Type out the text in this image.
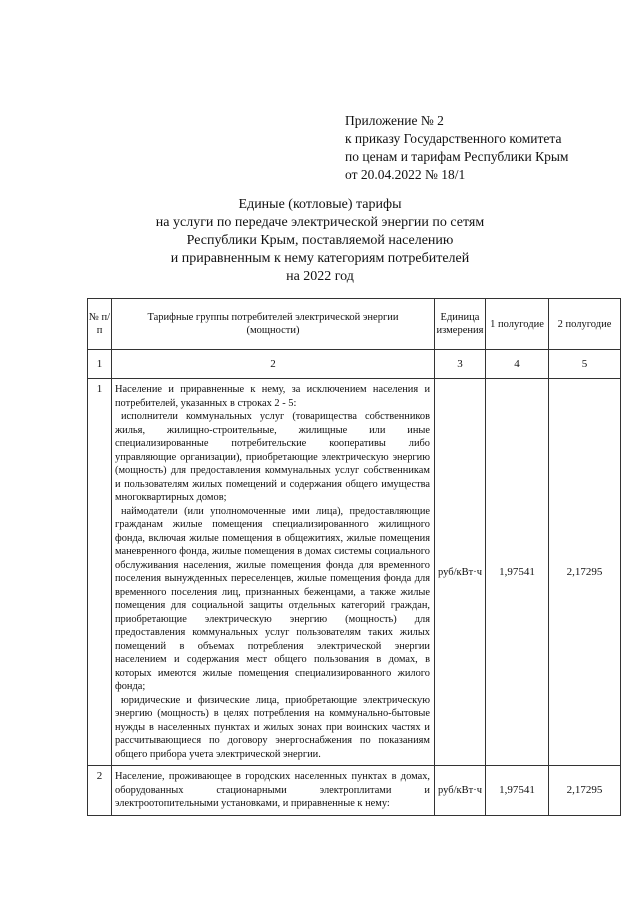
Приложение № 2
к приказу Государственного комитета
по ценам и тарифам Республики Крым
от 20.04.2022 № 18/1
Единые (котловые) тарифы
на услуги по передаче электрической энергии по сетям
Республики Крым, поставляемой населению
и приравненным к нему категориям потребителей
на 2022 год
№ п/п	Тарифные группы потребителей электрической энергии (мощности)	Единица измерения	1 полугодие	2 полугодие
1	2	3	4	5
1	Население и приравненные к нему, за исключением населения и потребителей, указанных в строках 2 - 5:

исполнители коммунальных услуг (товарищества собственников жилья, жилищно-строительные, жилищные или иные специализированные потребительские кооперативы либо управляющие организации), приобретающие электрическую энергию (мощность) для предоставления коммунальных услуг собственникам и пользователям жилых помещений и содержания общего имущества многоквартирных домов;

наймодатели (или уполномоченные ими лица), предоставляющие гражданам жилые помещения специализированного жилищного фонда, включая жилые помещения в общежитиях, жилые помещения маневренного фонда, жилые помещения в домах системы социального обслуживания населения, жилые помещения фонда для временного поселения вынужденных переселенцев, жилые помещения фонда для временного поселения лиц, признанных беженцами, а также жилые помещения для социальной защиты отдельных категорий граждан, приобретающие электрическую энергию (мощность) для предоставления коммунальных услуг пользователям таких жилых помещений в объемах потребления электрической энергии населением и содержания мест общего пользования в домах, в которых имеются жилые помещения специализированного жилого фонда;

юридические и физические лица, приобретающие электрическую энергию (мощность) в целях потребления на коммунально-бытовые нужды в населенных пунктах и жилых зонах при воинских частях и рассчитывающиеся по договору энергоснабжения по показаниям общего прибора учета электрической энергии.	руб/кВт·ч	1,97541	2,17295
2	Население, проживающее в городских населенных пунктах в домах, оборудованных стационарными электроплитами и электроотопительными установками, и приравненные к нему:	руб/кВт·ч	1,97541	2,17295
